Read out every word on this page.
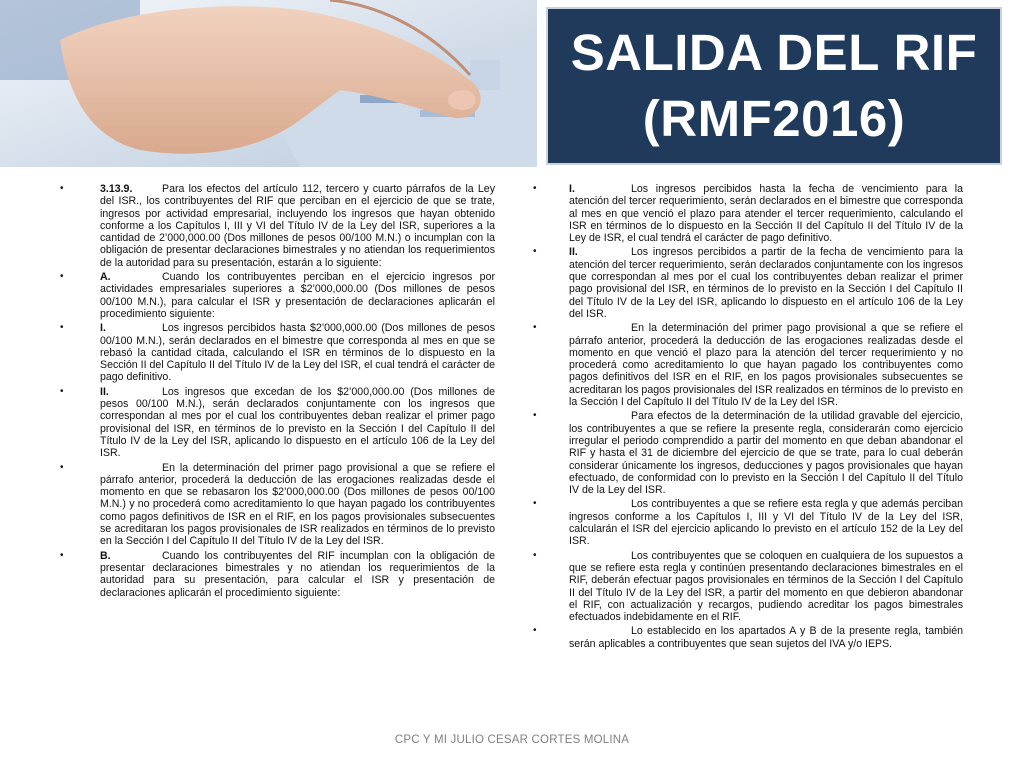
SALIDA DEL RIF
(RMF2016)
•	3.13.9.	Para los efectos del artículo 112, tercero y cuarto párrafos de la Ley del ISR., los contribuyentes del RIF que perciban en el ejercicio de que se trate, ingresos por actividad empresarial, incluyendo los ingresos que hayan obtenido conforme a los Capítulos I, III y VI del Título IV de la Ley del ISR, superiores a la cantidad de 2’000,000.00 (Dos millones de pesos 00/100 M.N.) o incumplan con la obligación de presentar declaraciones bimestrales y no atiendan los requerimientos de la autoridad para su presentación, estarán a lo siguiente:
•	A.	Cuando los contribuyentes perciban en el ejercicio ingresos por actividades empresariales superiores a $2’000,000.00 (Dos millones de pesos 00/100 M.N.), para calcular el ISR y presentación de declaraciones aplicarán el procedimiento siguiente:
•	I.	Los ingresos percibidos hasta $2’000,000.00 (Dos millones de pesos 00/100 M.N.), serán declarados en el bimestre que corresponda al mes en que se rebasó la cantidad citada, calculando el ISR en términos de lo dispuesto en la Sección II del Capítulo II del Título IV de la Ley del ISR, el cual tendrá el carácter de pago definitivo.
•	II.	Los ingresos que excedan de los $2’000,000.00 (Dos millones de pesos 00/100 M.N.), serán declarados conjuntamente con los ingresos que correspondan al mes por el cual los contribuyentes deban realizar el primer pago provisional del ISR, en términos de lo previsto en la Sección I del Capítulo II del Título IV de la Ley del ISR, aplicando lo dispuesto en el artículo 106 de la Ley del ISR.
•	En la determinación del primer pago provisional a que se refiere el párrafo anterior, procederá la deducción de las erogaciones realizadas desde el momento en que se rebasaron los $2’000,000.00 (Dos millones de pesos 00/100 M.N.) y no procederá como acreditamiento lo que hayan pagado los contribuyentes como pagos definitivos de ISR en el RIF, en los pagos provisionales subsecuentes se acreditaran los pagos provisionales de ISR realizados en términos de lo previsto en la Sección I del Capítulo II del Título IV de la Ley del ISR.
•	B.	Cuando los contribuyentes del RIF incumplan con la obligación de presentar declaraciones bimestrales y no atiendan los requerimientos de la autoridad para su presentación, para calcular el ISR y presentación de declaraciones aplicarán el procedimiento siguiente:
•	I.	Los ingresos percibidos hasta la fecha de vencimiento para la atención del tercer requerimiento, serán declarados en el bimestre que corresponda al mes en que venció el plazo para atender el tercer requerimiento, calculando el ISR en términos de lo dispuesto en la Sección II del Capítulo II del Título IV de la Ley de ISR, el cual tendrá el carácter de pago definitivo.
•	II.	Los ingresos percibidos a partir de la fecha de vencimiento para la atención del tercer requerimiento, serán declarados conjuntamente con los ingresos que correspondan al mes por el cual los contribuyentes deban realizar el primer pago provisional del ISR, en términos de lo previsto en la Sección I del Capítulo II del Título IV de la Ley del ISR, aplicando lo dispuesto en el artículo 106 de la Ley del ISR.
•	En la determinación del primer pago provisional a que se refiere el párrafo anterior, procederá la deducción de las erogaciones realizadas desde el momento en que venció el plazo para la atención del tercer requerimiento y no procederá como acreditamiento lo que hayan pagado los contribuyentes como pagos definitivos del ISR en el RIF, en los pagos provisionales subsecuentes se acreditaran los pagos provisionales del ISR realizados en términos de lo previsto en la Sección I del Capítulo II del Título IV de la Ley del ISR.
•	Para efectos de la determinación de la utilidad gravable del ejercicio, los contribuyentes a que se refiere la presente regla, considerarán como ejercicio irregular el periodo comprendido a partir del momento en que deban abandonar el RIF y hasta el 31 de diciembre del ejercicio de que se trate, para lo cual deberán considerar únicamente los ingresos, deducciones y pagos provisionales que hayan efectuado, de conformidad con lo previsto en la Sección I del Capítulo II del Título IV de la Ley del ISR.
•	Los contribuyentes a que se refiere esta regla y que además perciban ingresos conforme a los Capítulos I, III y VI del Título IV de la Ley del ISR, calcularán el ISR del ejercicio aplicando lo previsto en el artículo 152 de la Ley del ISR.
•	Los contribuyentes que se coloquen en cualquiera de los supuestos a que se refiere esta regla y continúen presentando declaraciones bimestrales en el RIF, deberán efectuar pagos provisionales en términos de la Sección I del Capítulo II del Título IV de la Ley del ISR, a partir del momento en que debieron abandonar el RIF, con actualización y recargos, pudiendo acreditar los pagos bimestrales efectuados indebidamente en el RIF.
•	Lo establecido en los apartados A y B de la presente regla, también serán aplicables a contribuyentes que sean sujetos del IVA y/o IEPS.
CPC Y MI JULIO CESAR CORTES MOLINA
